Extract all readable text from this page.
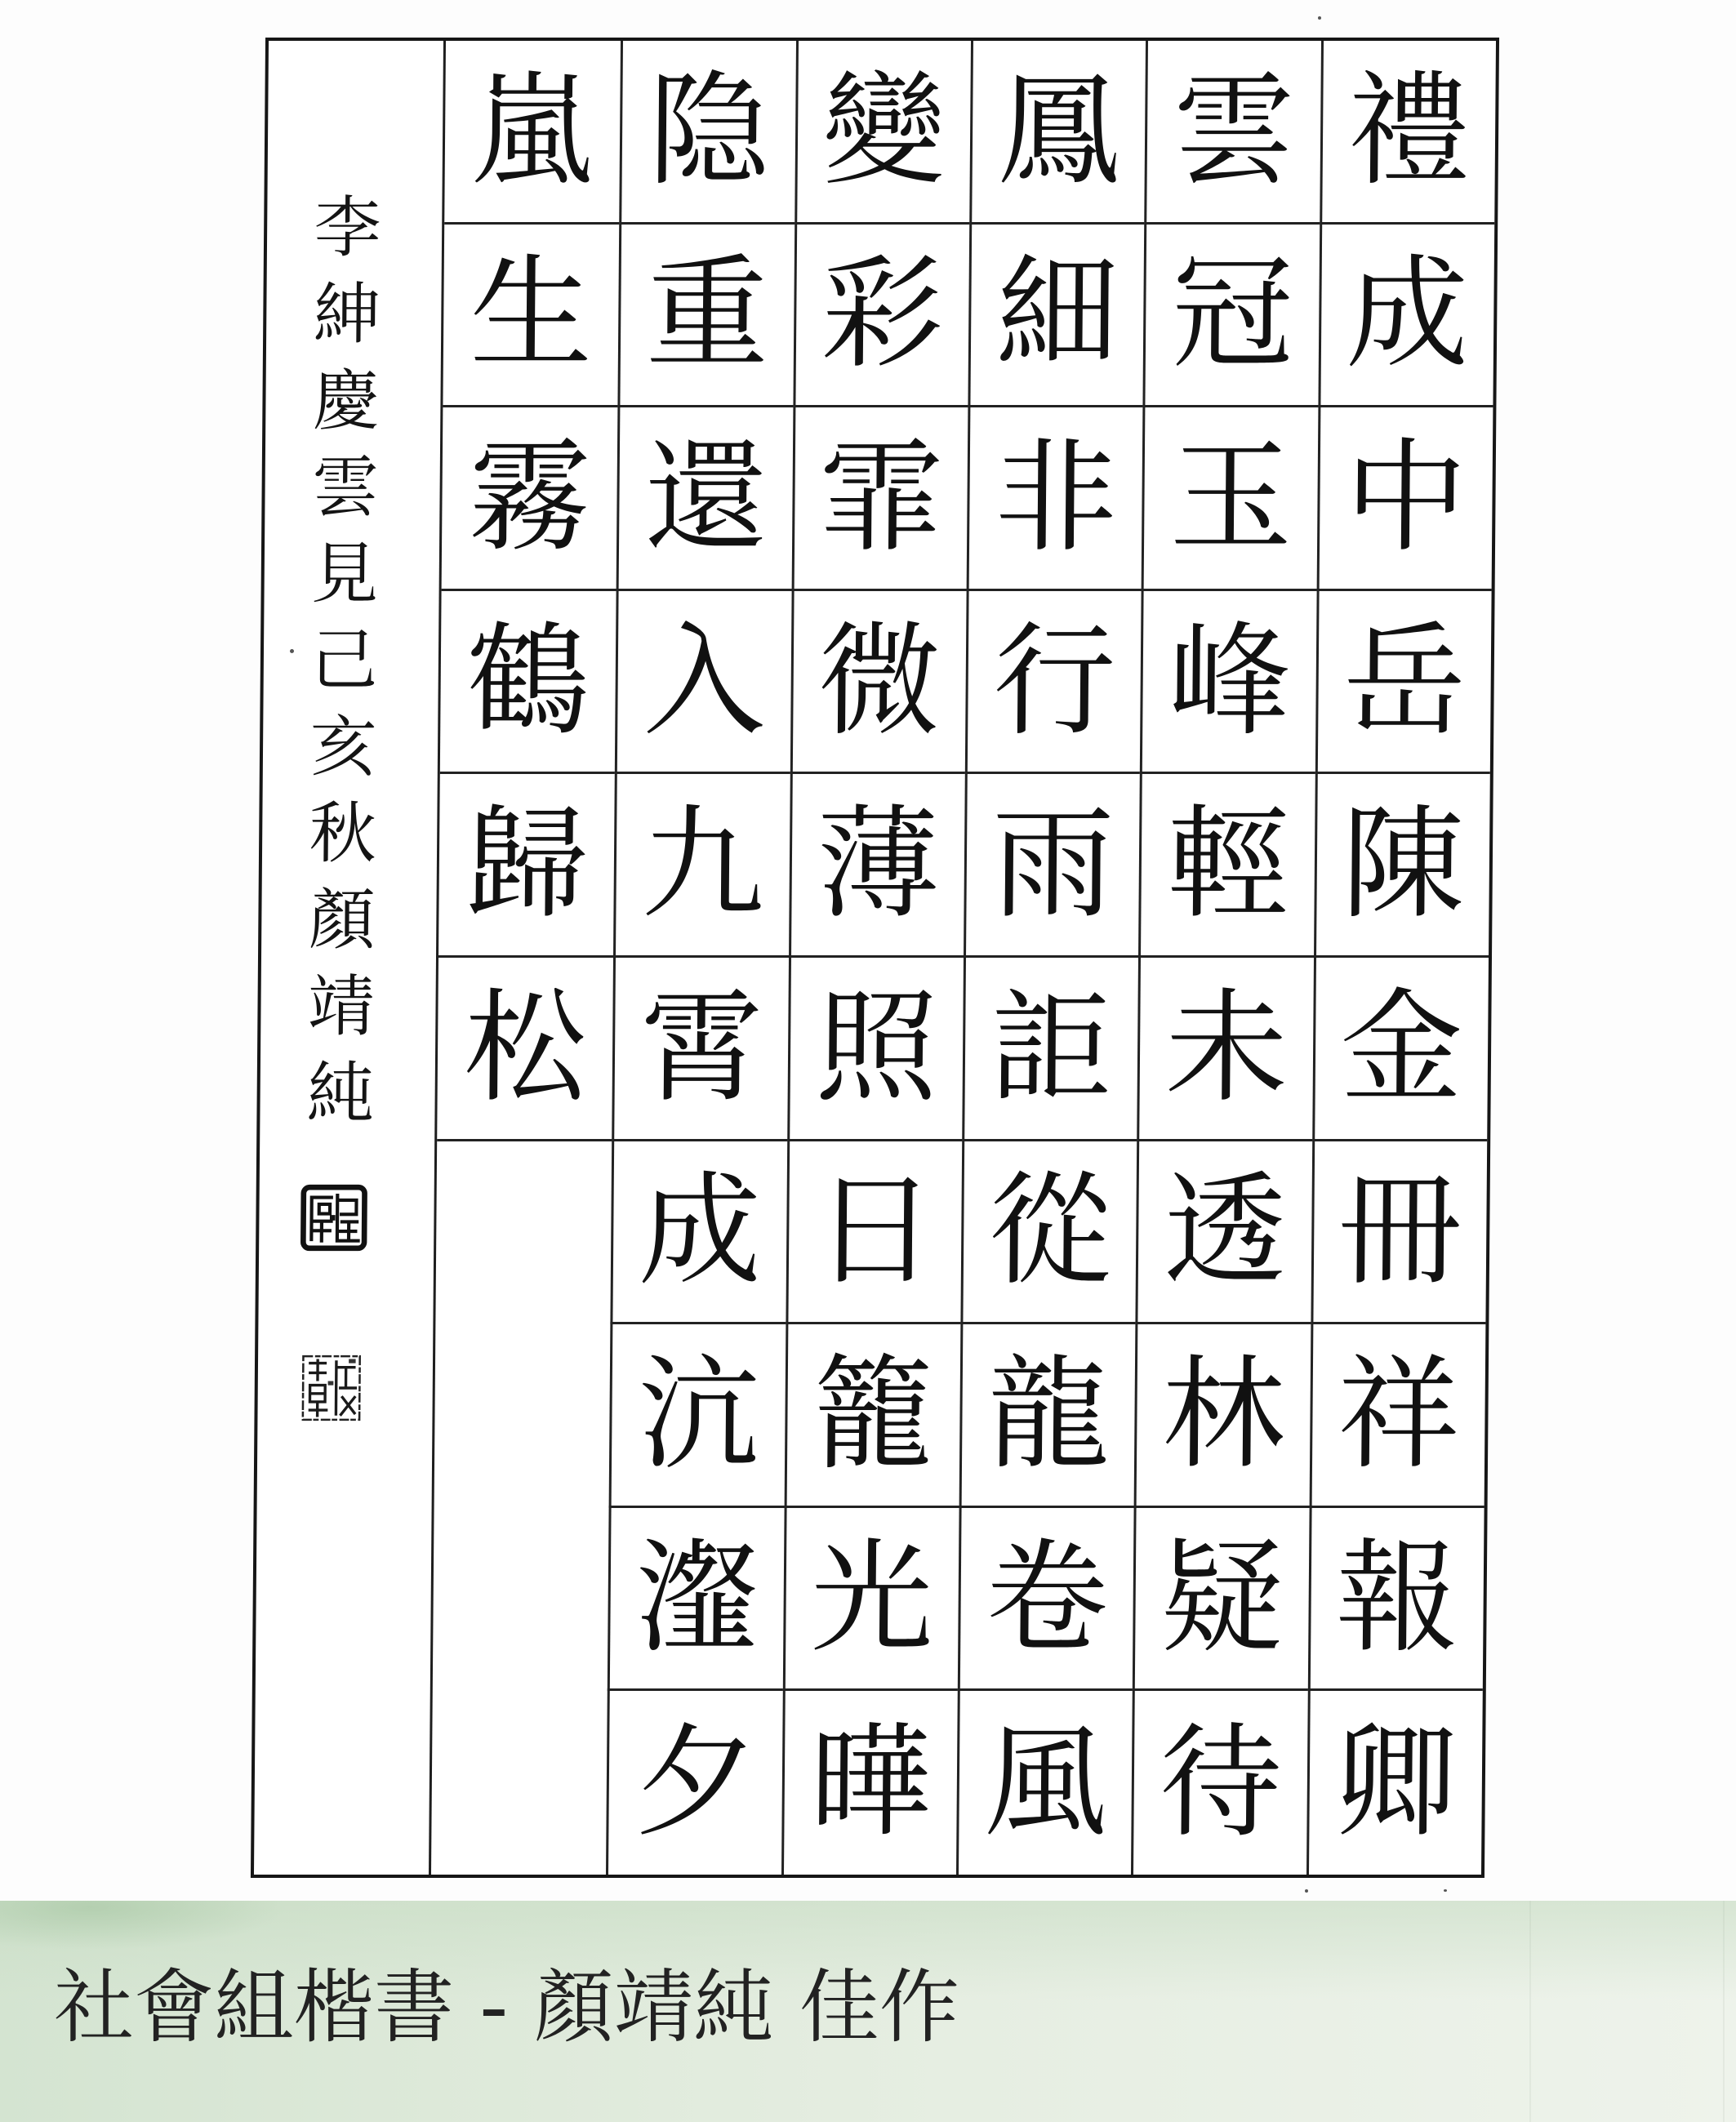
李紳慶雲見己亥秋顏靖純
禮
成
中
岳
陳
金
冊
祥
報
卿
雲
冠
玉
峰
輕
未
透
林
疑
待
鳳
細
非
行
雨
詎
從
龍
卷
風
變
彩
霏
微
薄
照
日
籠
光
曄
隐
重
還
入
九
霄
成
沆
瀣
夕
嵐
生
霧
鶴
歸
松
社會組楷書 - 顏靖純 佳作
